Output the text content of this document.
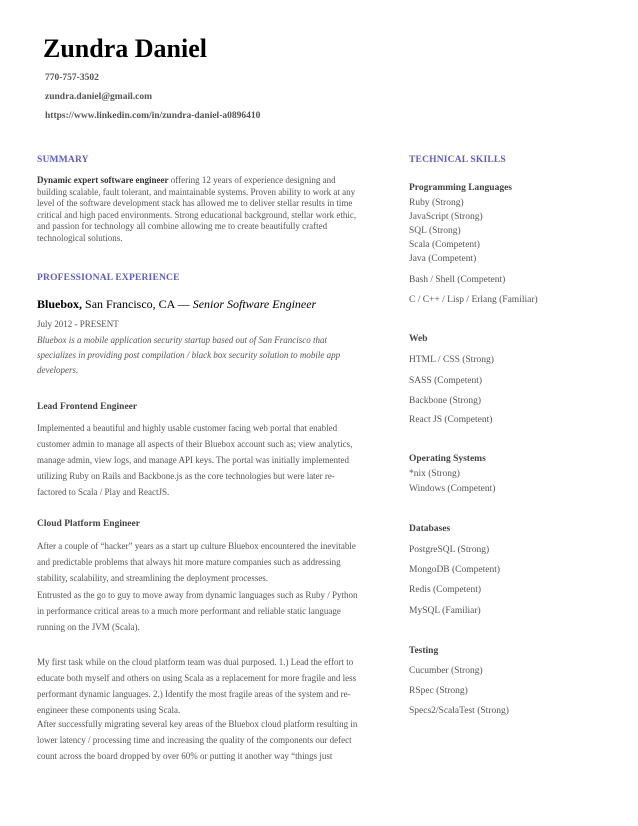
Zundra Daniel
770-757-3502
zundra.daniel@gmail.com
https://www.linkedin.com/in/zundra-daniel-a0896410
SUMMARY
Dynamic expert software engineer offering 12 years of experience designing and
building scalable, fault tolerant, and maintainable systems. Proven ability to work at any
level of the software development stack has allowed me to deliver stellar results in time
critical and high paced environments. Strong educational background, stellar work ethic,
and passion for technology all combine allowing me to create beautifully crafted
technological solutions.
PROFESSIONAL EXPERIENCE
Bluebox, San Francisco, CA — Senior Software Engineer
July 2012 - PRESENT
Bluebox is a mobile application security startup based out of San Francisco that
specializes in providing post compilation / black box security solution to mobile app
developers.
Lead Frontend Engineer
Implemented a beautiful and highly usable customer facing web portal that enabled
customer admin to manage all aspects of their Bluebox account such as; view analytics,
manage admin, view logs, and manage API keys. The portal was initially implemented
utilizing Ruby on Rails and Backbone.js as the core technologies but were later re-
factored to Scala / Play and ReactJS.
Cloud Platform Engineer
After a couple of “hacker” years as a start up culture Bluebox encountered the inevitable
and predictable problems that always hit more mature companies such as addressing
stability, scalability, and streamlining the deployment processes.
Entrusted as the go to guy to move away from dynamic languages such as Ruby / Python
in performance critical areas to a much more performant and reliable static language
running on the JVM (Scala).
My first task while on the cloud platform team was dual purposed. 1.) Lead the effort to
educate both myself and others on using Scala as a replacement for more fragile and less
performant dynamic languages. 2.) Identify the most fragile areas of the system and re-
engineer these components using Scala.
After successfully migrating several key areas of the Bluebox cloud platform resulting in
lower latency / processing time and increasing the quality of the components our defect
count across the board dropped by over 60% or putting it another way “things just
TECHNICAL SKILLS
Programming Languages
Ruby (Strong)
JavaScript (Strong)
SQL (Strong)
Scala (Competent)
Java (Competent)
Bash / Shell (Competent)
C / C++ / Lisp / Erlang (Familiar)
Web
HTML / CSS (Strong)
SASS (Competent)
Backbone (Strong)
React JS (Competent)
Operating Systems
*nix (Strong)
Windows (Competent)
Databases
PostgreSQL (Strong)
MongoDB (Competent)
Redis (Competent)
MySQL (Familiar)
Testing
Cucumber (Strong)
RSpec (Strong)
Specs2/ScalaTest (Strong)
